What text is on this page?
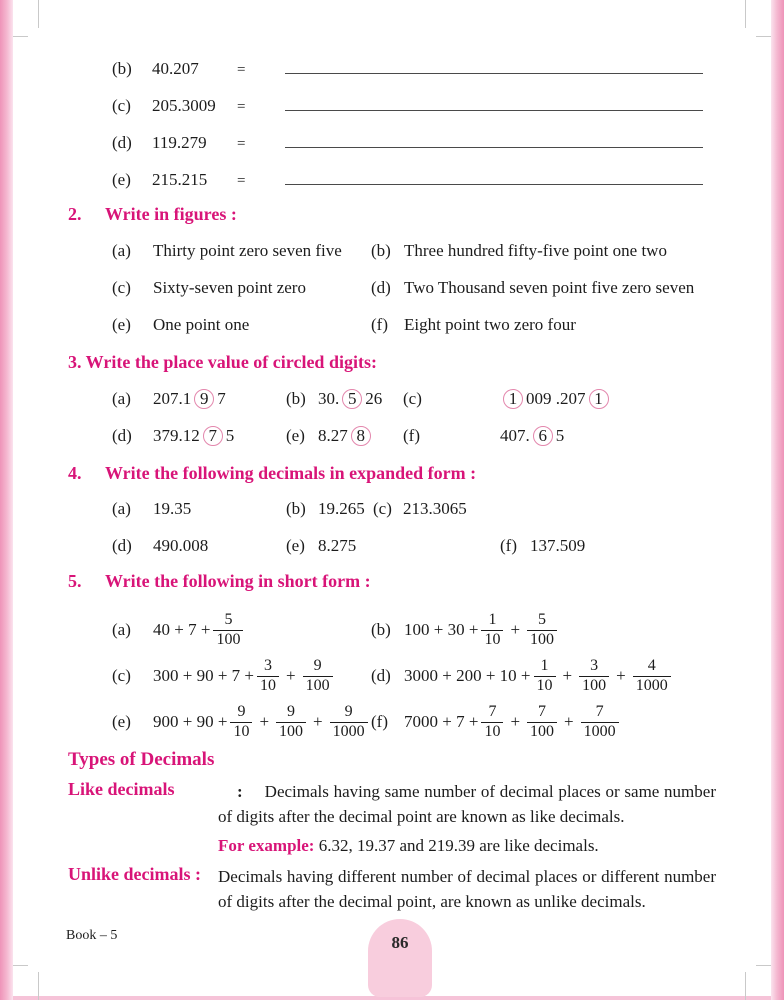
(b)	40.207	=
(c)	205.3009	=
(d)	119.279	=
(e)	215.215	=
2. Write in figures :
(a)	Thirty point zero seven five	(b) Three hundred fifty-five point one two
(c)	Sixty-seven point zero	(d) Two Thousand seven point five zero seven
(e)	One point one	(f) Eight point two zero four
3. Write the place value of circled digits:
(a)	207.1 9 7	(b) 30. 5 26	(c)	1 009 .207 1
(d)	379.12 7 5	(e) 8.27 8	(f)	407. 6 5
4. Write the following decimals in expanded form :
(a)	19.35	(b) 19.265 (c) 213.3065
(d)	490.008	(e) 8.275	(f) 137.509
5. Write the following in short form :
(a)	$40 + 7 + \frac{5}{100}$	(b) $100 + 30 + \frac{1}{10} + \frac{5}{100}$
(c)	$300 + 90 + 7 + \frac{3}{10} + \frac{9}{100} (d) 3000 + 200 + 10 + \frac{1}{10} + \frac{3}{100} + \frac{4}{1000}$
(e)	$900 + 90 + \frac{9}{10} + \frac{9}{100} + \frac{9}{1000} (f) 7000 + 7 + \frac{7}{10} + \frac{7}{100} + \frac{7}{1000}$
Types of Decimals
Like decimals	: Decimals having same number of decimal places or same number of digits after the decimal point are known as like decimals.

For example: 6.32, 19.37 and 219.39 are like decimals.

Unlike decimals :	Decimals having different number of decimal places or different number of digits after the decimal point, are known as unlike decimals.

Book – 5	86
